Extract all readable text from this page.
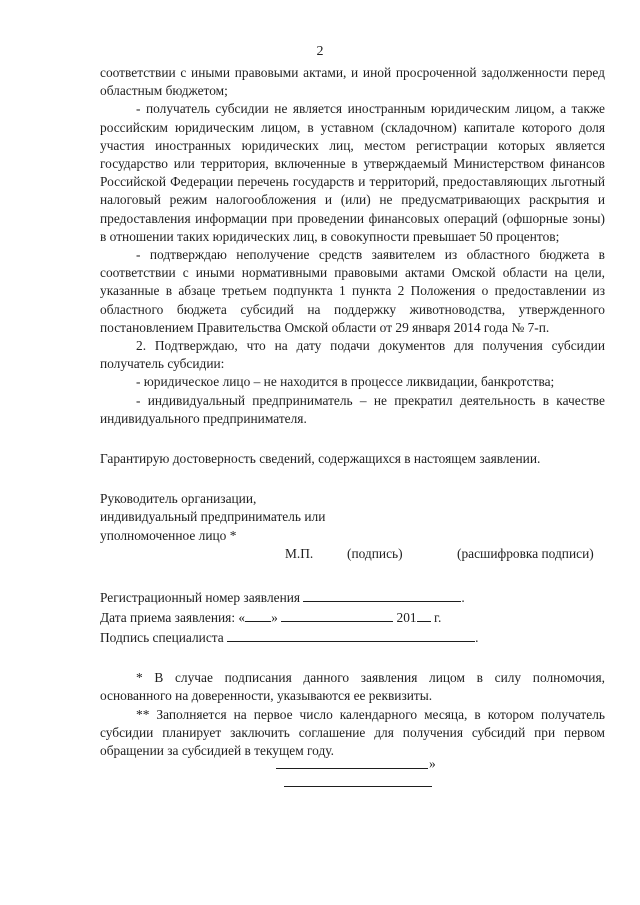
2

соответствии с иными правовыми актами, и иной просроченной задолженности перед областным бюджетом;

- получатель субсидии не является иностранным юридическим лицом, а также российским юридическим лицом, в уставном (складочном) капитале которого доля участия иностранных юридических лиц, местом регистрации которых является государство или территория, включенные в утверждаемый Министерством финансов Российской Федерации перечень государств и территорий, предоставляющих льготный налоговый режим налогообложения и (или) не предусматривающих раскрытия и предоставления информации при проведении финансовых операций (офшорные зоны) в отношении таких юридических лиц, в совокупности превышает 50 процентов;

- подтверждаю неполучение средств заявителем из областного бюджета в соответствии с иными нормативными правовыми актами Омской области на цели, указанные в абзаце третьем подпункта 1 пункта 2 Положения о предоставлении из областного бюджета субсидий на поддержку животноводства, утвержденного постановлением Правительства Омской области от 29 января 2014 года № 7-п.

2. Подтверждаю, что на дату подачи документов для получения субсидии получатель субсидии:

- юридическое лицо – не находится в процессе ликвидации, банкротства;

- индивидуальный предприниматель – не прекратил деятельность в качестве индивидуального предпринимателя.

Гарантирую достоверность сведений, содержащихся в настоящем заявлении.

Руководитель организации,
индивидуальный предприниматель или
уполномоченное лицо *
М.П.	(подпись)	(расшифровка подписи)
Регистрационный номер заявления	.
Дата приема заявления: « »	201 г.
Подпись специалиста	.

* В случае подписания данного заявления лицом в силу полномочия, основанного на доверенности, указываются ее реквизиты.

** Заполняется на первое число календарного месяца, в котором получатель субсидии планирует заключить соглашение для получения субсидий при первом обращении за субсидией в текущем году.

»
